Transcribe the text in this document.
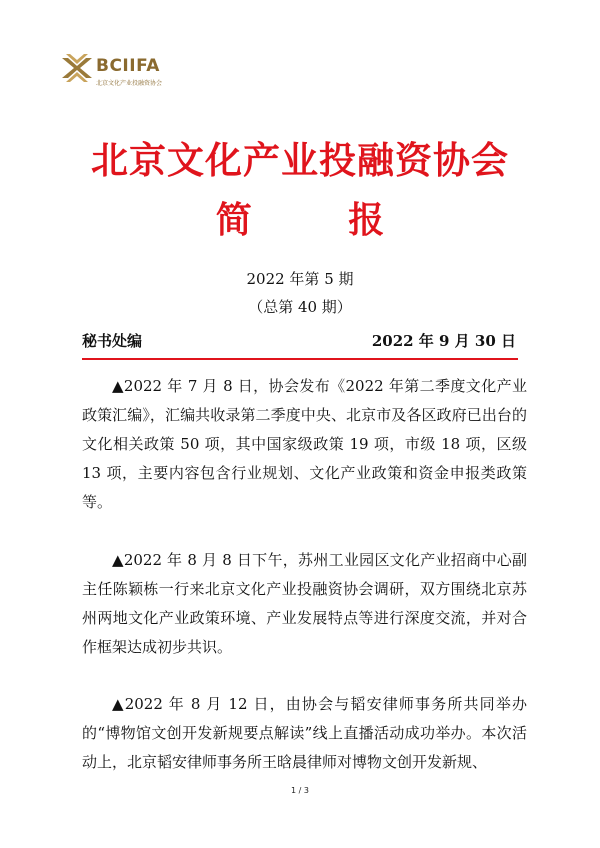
BCIIFA
北京文化产业投融资协会
北京文化产业投融资协会
简 报
2022 年第 5 期
（总第 40 期）
秘书处编	2022 年 9 月 30 日

▲2022 年 7 月 8 日，协会发布《2022 年第二季度文化产业政策汇编》，汇编共收录第二季度中央、北京市及各区政府已出台的文化相关政策 50 项，其中国家级政策 19 项，市级 18 项，区级 13 项，主要内容包含行业规划、文化产业政策和资金申报类政策等。

▲2022 年 8 月 8 日下午，苏州工业园区文化产业招商中心副主任陈颖栋一行来北京文化产业投融资协会调研，双方围绕北京苏州两地文化产业政策环境、产业发展特点等进行深度交流，并对合作框架达成初步共识。

▲2022 年 8 月 12 日，由协会与韬安律师事务所共同举办的“博物馆文创开发新规要点解读”线上直播活动成功举办。本次活动上，北京韬安律师事务所王晗晨律师对博物文创开发新规、

1 / 3
